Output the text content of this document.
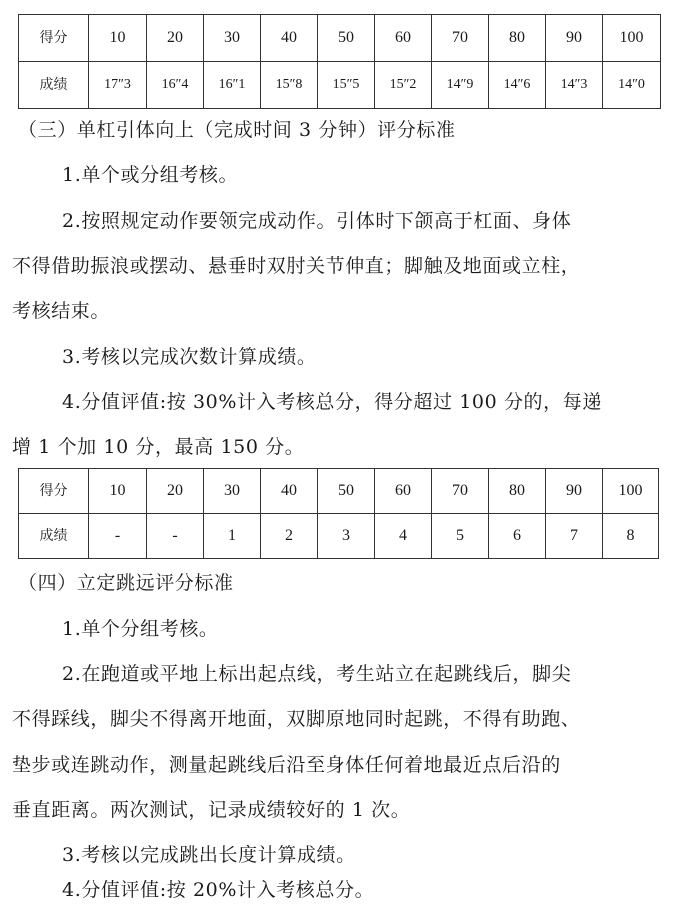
得分	10	20	30	40	50	60	70	80	90	100
成绩	17″3	16″4	16″1	15″8	15″5	15″2	14″9	14″6	14″3	14″0
（三）单杠引体向上（完成时间 3 分钟）评分标准
1.单个或分组考核。
2.按照规定动作要领完成动作。引体时下颌高于杠面、身体
不得借助振浪或摆动、悬垂时双肘关节伸直；脚触及地面或立柱，
考核结束。
3.考核以完成次数计算成绩。
4.分值评值:按 30%计入考核总分，得分超过 100 分的，每递
增 1 个加 10 分，最高 150 分。
得分	10	20	30	40	50	60	70	80	90	100
成绩	-	-	1	2	3	4	5	6	7	8
（四）立定跳远评分标准
1.单个分组考核。
2.在跑道或平地上标出起点线，考生站立在起跳线后，脚尖
不得踩线，脚尖不得离开地面，双脚原地同时起跳，不得有助跑、
垫步或连跳动作，测量起跳线后沿至身体任何着地最近点后沿的
垂直距离。两次测试，记录成绩较好的 1 次。
3.考核以完成跳出长度计算成绩。
4.分值评值:按 20%计入考核总分。
